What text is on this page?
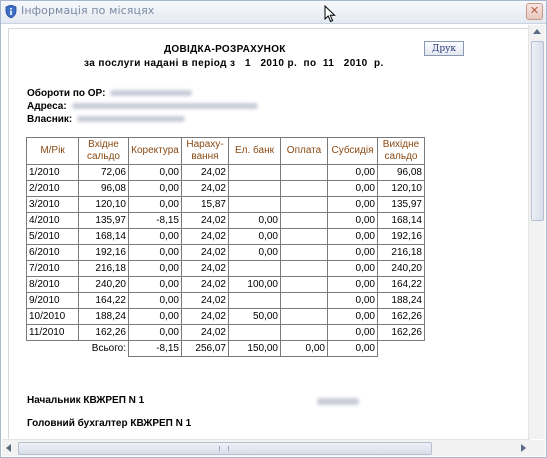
Інформація по місяцях	✕
ДОВІДКА-РОЗРАХУНОК
за послуги надані в період з   1   2010 р.  по  11   2010  р.
Друк
Обороти по ОР:
Адреса:
Власник:
М/Рік	Вхідне сальдо	Коректура	Нараху-вання	Ел. банк	Оплата	Субсидія	Вихідне сальдо
1/2010	72,06	0,00	24,02			0,00	96,08
2/2010	96,08	0,00	24,02			0,00	120,10
3/2010	120,10	0,00	15,87			0,00	135,97
4/2010	135,97	-8,15	24,02	0,00		0,00	168,14
5/2010	168,14	0,00	24,02	0,00		0,00	192,16
6/2010	192,16	0,00	24,02	0,00		0,00	216,18
7/2010	216,18	0,00	24,02			0,00	240,20
8/2010	240,20	0,00	24,02	100,00		0,00	164,22
9/2010	164,22	0,00	24,02			0,00	188,24
10/2010	188,24	0,00	24,02	50,00		0,00	162,26
11/2010	162,26	0,00	24,02			0,00	162,26
	Всього:	-8,15	256,07	150,00	0,00	0,00	
Начальник КВЖРЕП N 1
Головний бухгалтер КВЖРЕП N 1
